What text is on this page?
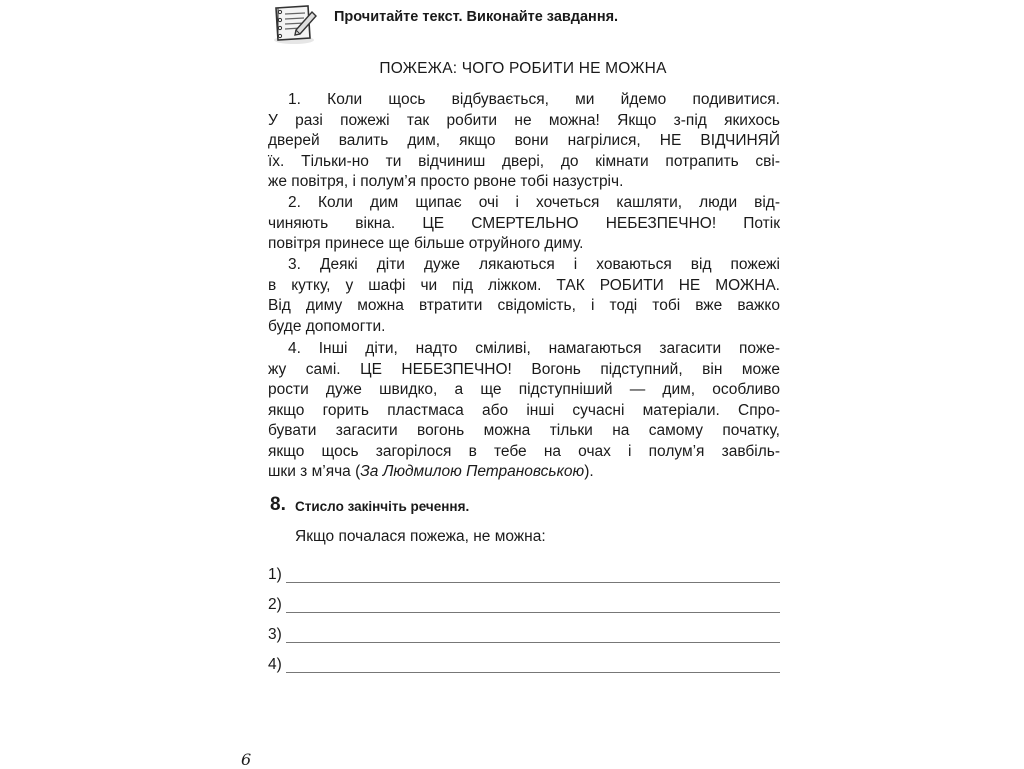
Прочитайте текст. Виконайте завдання.
ПОЖЕЖА: ЧОГО РОБИТИ НЕ МОЖНА
1. Коли щось відбувається, ми йдемо подивитися.
У разі пожежі так робити не можна! Якщо з-під якихось
дверей валить дим, якщо вони нагрілися, НЕ ВІДЧИНЯЙ
їх. Тільки-но ти відчиниш двері, до кімнати потрапить сві-
же повітря, і полум’я просто рвоне тобі назустріч.
2. Коли дим щипає очі і хочеться кашляти, люди від-
чиняють вікна. ЦЕ СМЕРТЕЛЬНО НЕБЕЗПЕЧНО! Потік
повітря принесе ще більше отруйного диму.
3. Деякі діти дуже лякаються і ховаються від пожежі
в кутку, у шафі чи під ліжком. ТАК РОБИТИ НЕ МОЖНА.
Від диму можна втратити свідомість, і тоді тобі вже важко
буде допомогти.
4. Інші діти, надто сміливі, намагаються загасити поже-
жу самі. ЦЕ НЕБЕЗПЕЧНО! Вогонь підступний, він може
рости дуже швидко, а ще підступніший — дим, особливо
якщо горить пластмаса або інші сучасні матеріали. Спро-
бувати загасити вогонь можна тільки на самому початку,
якщо щось загорілося в тебе на очах і полум’я завбіль-
шки з м’яча (За Людмилою Петрановською).
8. Стисло закінчіть речення.
Якщо почалася пожежа, не можна:
1)
2)
3)
4)
6
